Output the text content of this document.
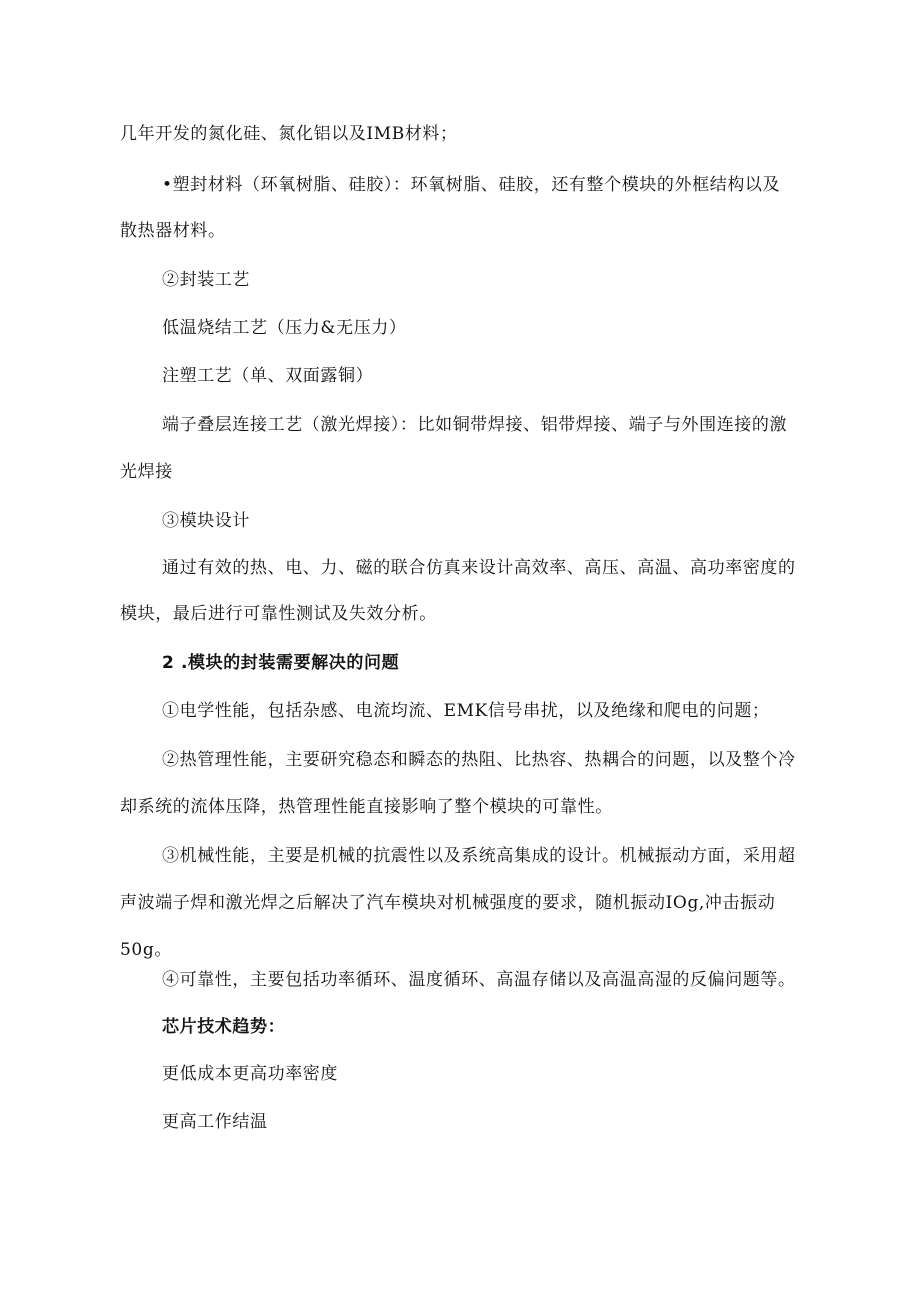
几年开发的氮化硅、氮化铝以及IMB材料；
•塑封材料（环氧树脂、硅胶）：环氧树脂、硅胶，还有整个模块的外框结构以及
散热器材料。
②封装工艺
低温烧结工艺（压力&无压力）
注塑工艺（单、双面露铜）
端子叠层连接工艺（激光焊接）：比如铜带焊接、铝带焊接、端子与外围连接的激
光焊接
③模块设计
通过有效的热、电、力、磁的联合仿真来设计高效率、高压、高温、高功率密度的
模块，最后进行可靠性测试及失效分析。
2 .模块的封装需要解决的问题
①电学性能，包括杂感、电流均流、EMK信号串扰，以及绝缘和爬电的问题；
②热管理性能，主要研究稳态和瞬态的热阻、比热容、热耦合的问题，以及整个冷
却系统的流体压降，热管理性能直接影响了整个模块的可靠性。
③机械性能，主要是机械的抗震性以及系统高集成的设计。机械振动方面，采用超
声波端子焊和激光焊之后解决了汽车模块对机械强度的要求，随机振动IOg,冲击振动
50g。
④可靠性，主要包括功率循环、温度循环、高温存储以及高温高湿的反偏问题等。
芯片技术趋势：
更低成本更高功率密度
更高工作结温
